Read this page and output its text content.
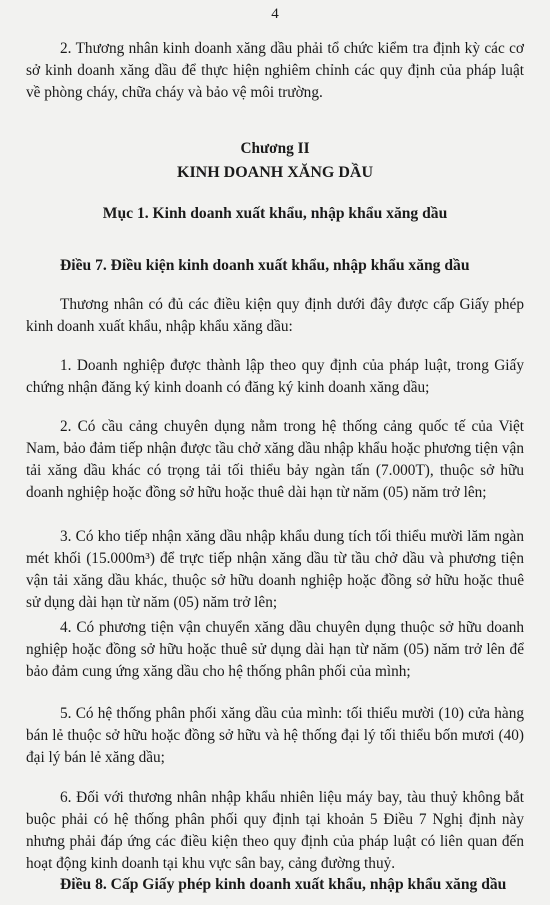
4

2. Thương nhân kinh doanh xăng dầu phải tổ chức kiểm tra định kỳ các cơ sở kinh doanh xăng dầu để thực hiện nghiêm chỉnh các quy định của pháp luật về phòng cháy, chữa cháy và bảo vệ môi trường.

Chương II

KINH DOANH XĂNG DẦU

Mục 1. Kinh doanh xuất khẩu, nhập khẩu xăng dầu

Điều 7. Điều kiện kinh doanh xuất khẩu, nhập khẩu xăng dầu

Thương nhân có đủ các điều kiện quy định dưới đây được cấp Giấy phép kinh doanh xuất khẩu, nhập khẩu xăng dầu:

1. Doanh nghiệp được thành lập theo quy định của pháp luật, trong Giấy chứng nhận đăng ký kinh doanh có đăng ký kinh doanh xăng dầu;

2. Có cầu cảng chuyên dụng nằm trong hệ thống cảng quốc tế của Việt Nam, bảo đảm tiếp nhận được tầu chở xăng dầu nhập khẩu hoặc phương tiện vận tải xăng dầu khác có trọng tải tối thiểu bảy ngàn tấn (7.000T), thuộc sở hữu doanh nghiệp hoặc đồng sở hữu hoặc thuê dài hạn từ năm (05) năm trở lên;

3. Có kho tiếp nhận xăng dầu nhập khẩu dung tích tối thiểu mười lăm ngàn mét khối (15.000m³) để trực tiếp nhận xăng dầu từ tầu chở dầu và phương tiện vận tải xăng dầu khác, thuộc sở hữu doanh nghiệp hoặc đồng sở hữu hoặc thuê sử dụng dài hạn từ năm (05) năm trở lên;

4. Có phương tiện vận chuyển xăng dầu chuyên dụng thuộc sở hữu doanh nghiệp hoặc đồng sở hữu hoặc thuê sử dụng dài hạn từ năm (05) năm trở lên để bảo đảm cung ứng xăng dầu cho hệ thống phân phối của mình;

5. Có hệ thống phân phối xăng dầu của mình: tối thiểu mười (10) cửa hàng bán lẻ thuộc sở hữu hoặc đồng sở hữu và hệ thống đại lý tối thiểu bốn mươi (40) đại lý bán lẻ xăng dầu;

6. Đối với thương nhân nhập khẩu nhiên liệu máy bay, tàu thuỷ không bắt buộc phải có hệ thống phân phối quy định tại khoản 5 Điều 7 Nghị định này nhưng phải đáp ứng các điều kiện theo quy định của pháp luật có liên quan đến hoạt động kinh doanh tại khu vực sân bay, cảng đường thuỷ.

Điều 8. Cấp Giấy phép kinh doanh xuất khẩu, nhập khẩu xăng dầu
